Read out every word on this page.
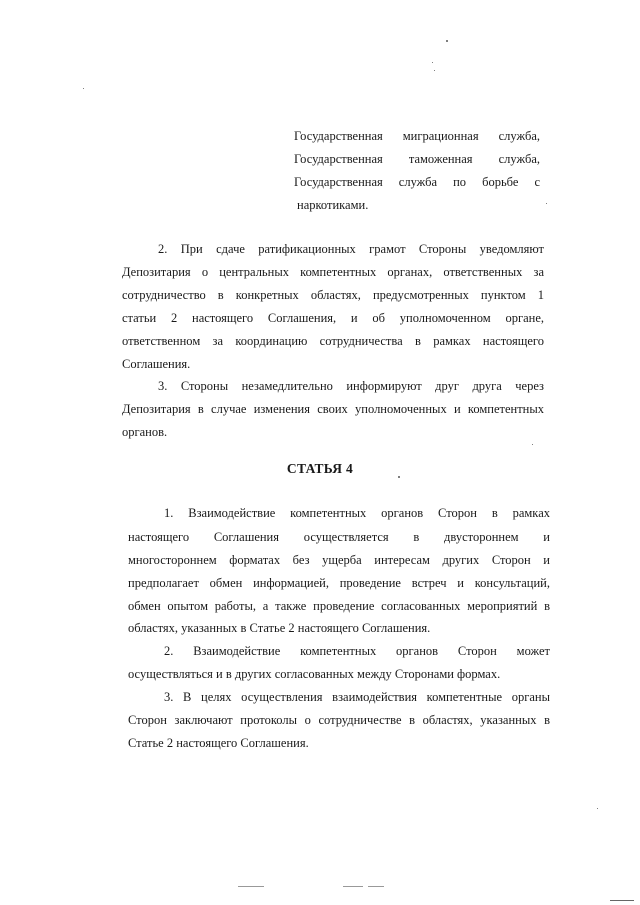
Государственная миграционная служба,
Государственная таможенная служба,
Государственная служба по борьбе с
наркотиками.
2. При сдаче ратификационных грамот Стороны уведомляют
Депозитария о центральных компетентных органах, ответственных за
сотрудничество в конкретных областях, предусмотренных пунктом 1
статьи 2 настоящего Соглашения, и об уполномоченном органе,
ответственном за координацию сотрудничества в рамках настоящего
Соглашения.
3. Стороны незамедлительно информируют друг друга через
Депозитария в случае изменения своих уполномоченных и компетентных
органов.
СТАТЬЯ 4
1. Взаимодействие компетентных органов Сторон в рамках
настоящего Соглашения осуществляется в двустороннем и
многостороннем форматах без ущерба интересам других Сторон и
предполагает обмен информацией, проведение встреч и консультаций,
обмен опытом работы, а также проведение согласованных мероприятий в
областях, указанных в Статье 2 настоящего Соглашения.
2. Взаимодействие компетентных органов Сторон может
осуществляться и в других согласованных между Сторонами формах.
3. В целях осуществления взаимодействия компетентные органы
Сторон заключают протоколы о сотрудничестве в областях, указанных в
Статье 2 настоящего Соглашения.
